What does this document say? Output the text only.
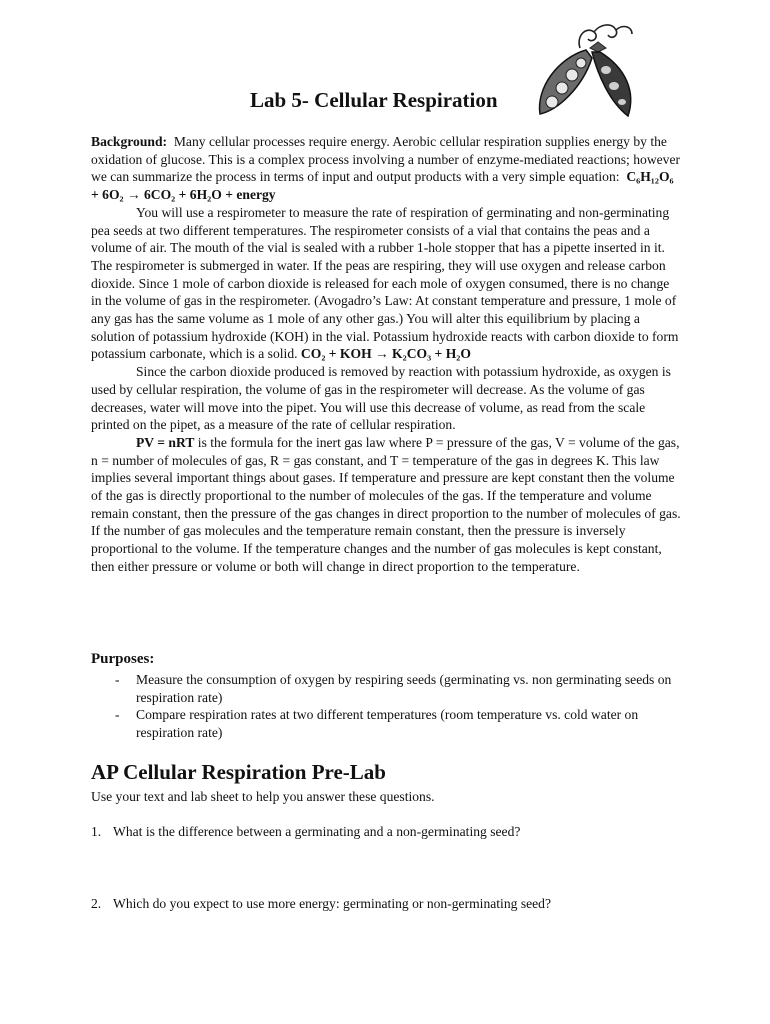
Lab 5- Cellular Respiration

Background: Many cellular processes require energy. Aerobic cellular respiration supplies energy by the oxidation of glucose. This is a complex process involving a number of enzyme-mediated reactions; however we can summarize the process in terms of input and output products with a very simple equation: C₆H₁₂O₆ + 6O₂ → 6CO₂ + 6H₂O + energy

You will use a respirometer to measure the rate of respiration of germinating and non-germinating pea seeds at two different temperatures. The respirometer consists of a vial that contains the peas and a volume of air. The mouth of the vial is sealed with a rubber 1-hole stopper that has a pipette inserted in it. The respirometer is submerged in water. If the peas are respiring, they will use oxygen and release carbon dioxide. Since 1 mole of carbon dioxide is released for each mole of oxygen consumed, there is no change in the volume of gas in the respirometer. (Avogadro’s Law: At constant temperature and pressure, 1 mole of any gas has the same volume as 1 mole of any other gas.) You will alter this equilibrium by placing a solution of potassium hydroxide (KOH) in the vial. Potassium hydroxide reacts with carbon dioxide to form potassium carbonate, which is a solid. CO₂ + KOH → K₂CO₃ + H₂O

Since the carbon dioxide produced is removed by reaction with potassium hydroxide, as oxygen is used by cellular respiration, the volume of gas in the respirometer will decrease. As the volume of gas decreases, water will move into the pipet. You will use this decrease of volume, as read from the scale printed on the pipet, as a measure of the rate of cellular respiration.

PV = nRT is the formula for the inert gas law where P = pressure of the gas, V = volume of the gas, n = number of molecules of gas, R = gas constant, and T = temperature of the gas in degrees K. This law implies several important things about gases. If temperature and pressure are kept constant then the volume of the gas is directly proportional to the number of molecules of the gas. If the temperature and volume remain constant, then the pressure of the gas changes in direct proportion to the number of molecules of gas. If the number of gas molecules and the temperature remain constant, then the pressure is inversely proportional to the volume. If the temperature changes and the number of gas molecules is kept constant, then either pressure or volume or both will change in direct proportion to the temperature.

Purposes:
- Measure the consumption of oxygen by respiring seeds (germinating vs. non germinating seeds on respiration rate)
- Compare respiration rates at two different temperatures (room temperature vs. cold water on respiration rate)
AP Cellular Respiration Pre-Lab

Use your text and lab sheet to help you answer these questions.

1. What is the difference between a germinating and a non-germinating seed?

2. Which do you expect to use more energy: germinating or non-germinating seed?
